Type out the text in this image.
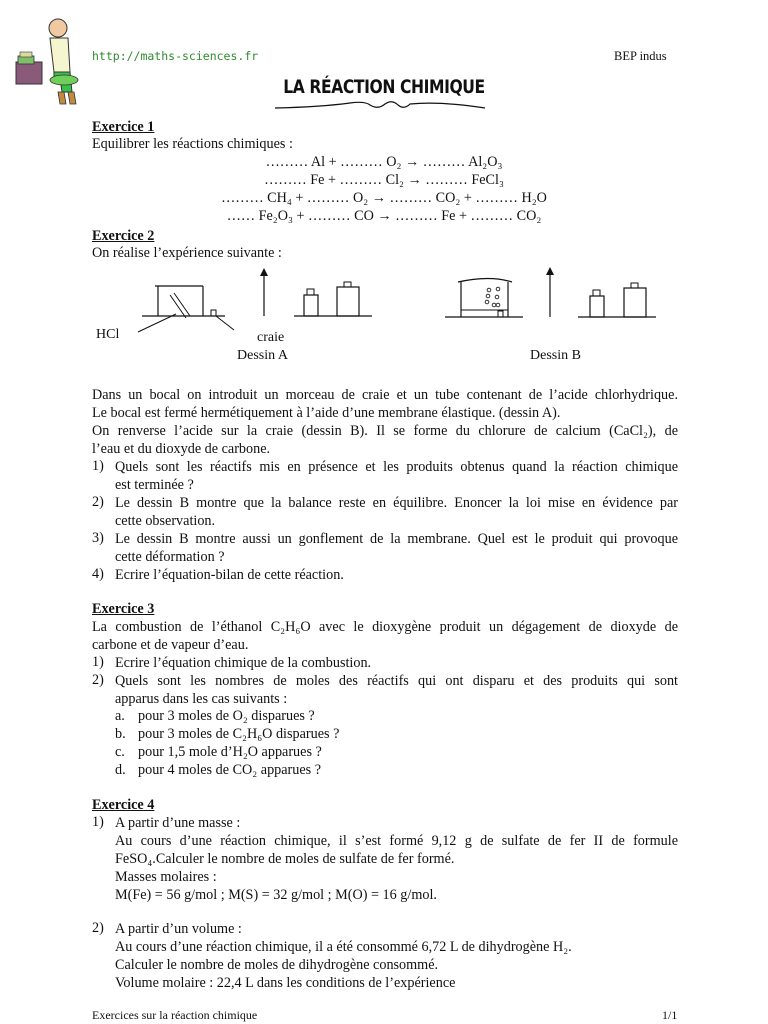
http://maths-sciences.fr	BEP indus
LA RÉACTION CHIMIQUE
Exercice 1
Equilibrer les réactions chimiques :
……… Al + ……… O₂ → ……… Al₂O₃
……… Fe + ……… Cl₂ → ……… FeCl₃
……… CH₄ + ……… O₂ → ……… CO₂ + ……… H₂O
…… Fe₂O₃ + ……… CO → ……… Fe + ……… CO₂
Exercice 2
On réalise l’expérience suivante :
HCl	craie
Dessin A	Dessin B
Dans un bocal on introduit un morceau de craie et un tube contenant de l’acide chlorhydrique.
Le bocal est fermé hermétiquement à l’aide d’une membrane élastique. (dessin A).
On renverse l’acide sur la craie (dessin B). Il se forme du chlorure de calcium (CaCl₂), de
l’eau et du dioxyde de carbone.
1) Quels sont les réactifs mis en présence et les produits obtenus quand la réaction chimique
est terminée ?
2) Le dessin B montre que la balance reste en équilibre. Enoncer la loi mise en évidence par
cette observation.
3) Le dessin B montre aussi un gonflement de la membrane. Quel est le produit qui provoque
cette déformation ?
4) Ecrire l’équation-bilan de cette réaction.
Exercice 3
La combustion de l’éthanol C₂H₆O avec le dioxygène produit un dégagement de dioxyde de
carbone et de vapeur d’eau.
1) Ecrire l’équation chimique de la combustion.
2) Quels sont les nombres de moles des réactifs qui ont disparu et des produits qui sont
apparus dans les cas suivants :
a. pour 3 moles de O₂ disparues ?
b. pour 3 moles de C₂H₆O disparues ?
c. pour 1,5 mole d’H₂O apparues ?
d. pour 4 moles de CO₂ apparues ?
Exercice 4
1) A partir d’une masse :
Au cours d’une réaction chimique, il s’est formé 9,12 g de sulfate de fer II de formule
FeSO₄.Calculer le nombre de moles de sulfate de fer formé.
Masses molaires :
M(Fe) = 56 g/mol ; M(S) = 32 g/mol ; M(O) = 16 g/mol.
2) A partir d’un volume :
Au cours d’une réaction chimique, il a été consommé 6,72 L de dihydrogène H₂.
Calculer le nombre de moles de dihydrogène consommé.
Volume molaire : 22,4 L dans les conditions de l’expérience
Exercices sur la réaction chimique	1/1
